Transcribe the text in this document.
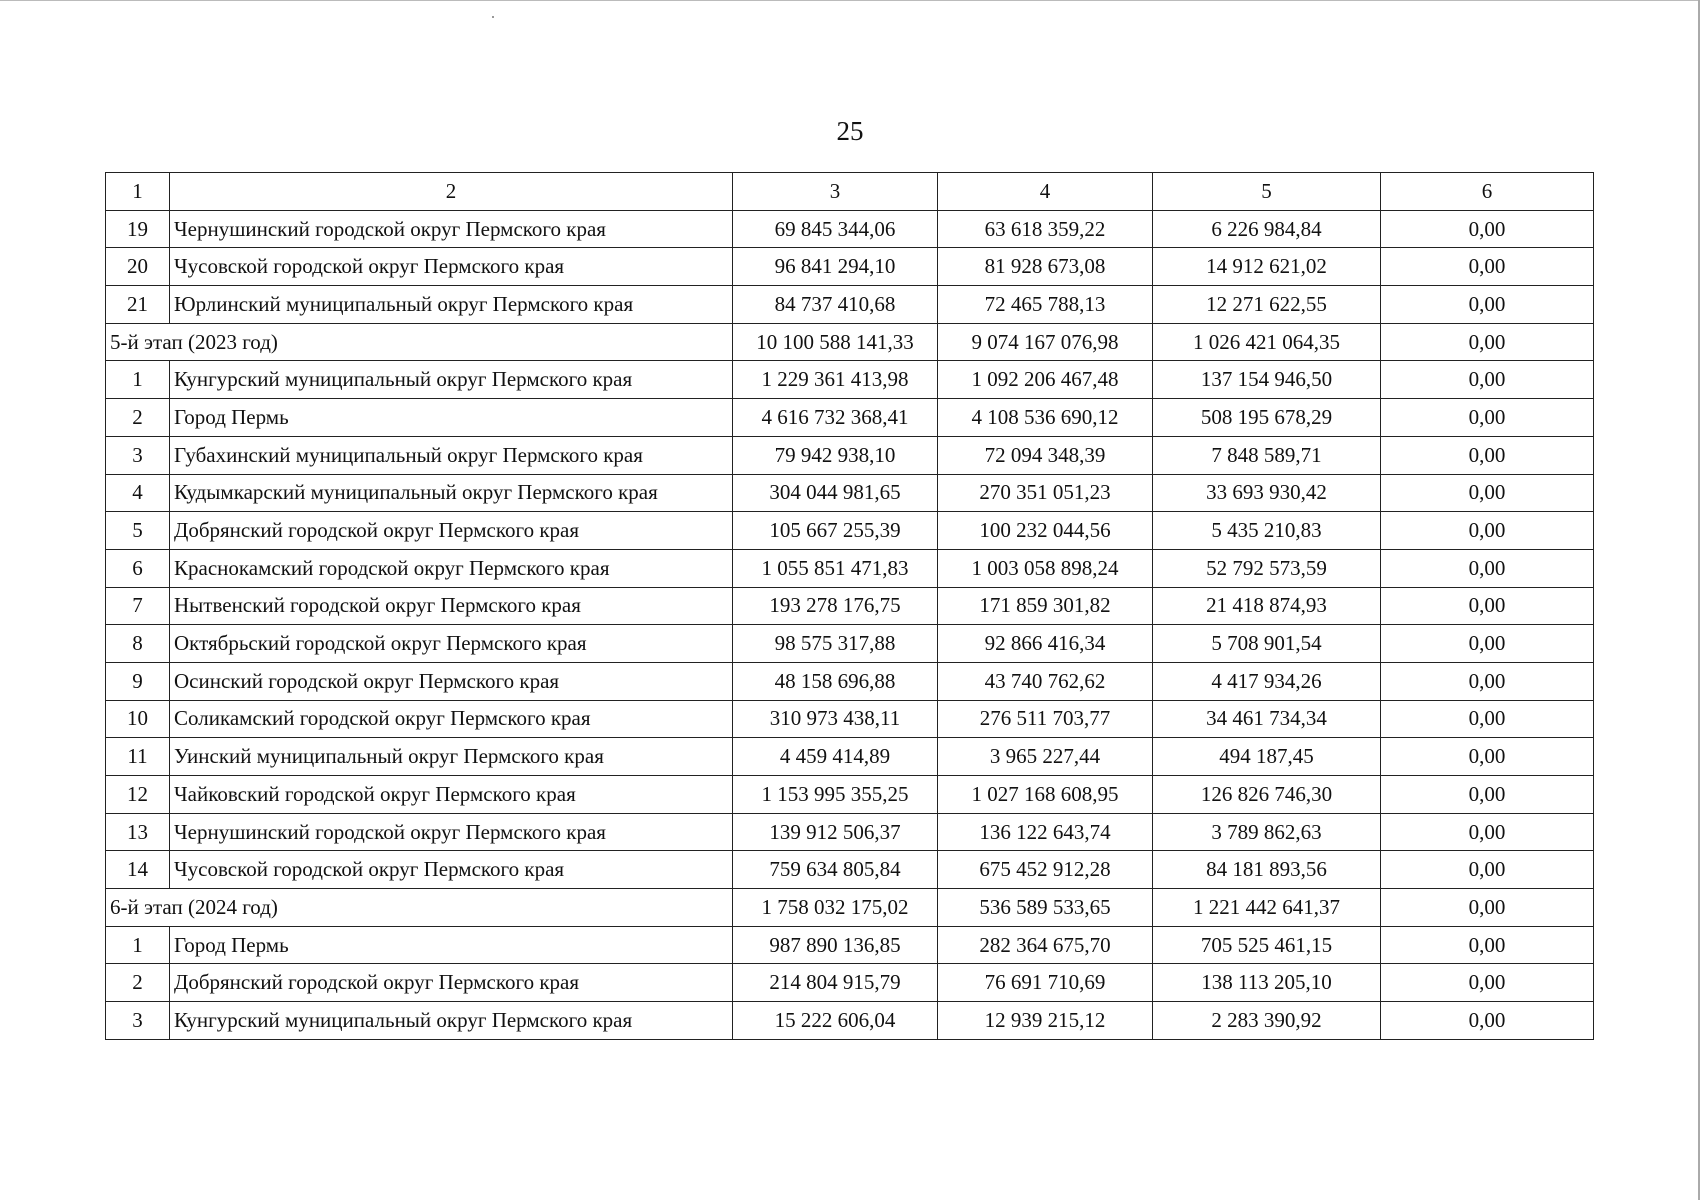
25
1	2	3	4	5	6
19	Чернушинский городской округ Пермского края	69 845 344,06	63 618 359,22	6 226 984,84	0,00
20	Чусовской городской округ Пермского края	96 841 294,10	81 928 673,08	14 912 621,02	0,00
21	Юрлинский муниципальный округ Пермского края	84 737 410,68	72 465 788,13	12 271 622,55	0,00
5-й этап (2023 год)		10 100 588 141,33	9 074 167 076,98	1 026 421 064,35	0,00
1	Кунгурский муниципальный округ Пермского края	1 229 361 413,98	1 092 206 467,48	137 154 946,50	0,00
2	Город Пермь	4 616 732 368,41	4 108 536 690,12	508 195 678,29	0,00
3	Губахинский муниципальный округ Пермского края	79 942 938,10	72 094 348,39	7 848 589,71	0,00
4	Кудымкарский муниципальный округ Пермского края	304 044 981,65	270 351 051,23	33 693 930,42	0,00
5	Добрянский городской округ Пермского края	105 667 255,39	100 232 044,56	5 435 210,83	0,00
6	Краснокамский городской округ Пермского края	1 055 851 471,83	1 003 058 898,24	52 792 573,59	0,00
7	Нытвенский городской округ Пермского края	193 278 176,75	171 859 301,82	21 418 874,93	0,00
8	Октябрьский городской округ Пермского края	98 575 317,88	92 866 416,34	5 708 901,54	0,00
9	Осинский городской округ Пермского края	48 158 696,88	43 740 762,62	4 417 934,26	0,00
10	Соликамский городской округ Пермского края	310 973 438,11	276 511 703,77	34 461 734,34	0,00
11	Уинский муниципальный округ Пермского края	4 459 414,89	3 965 227,44	494 187,45	0,00
12	Чайковский городской округ Пермского края	1 153 995 355,25	1 027 168 608,95	126 826 746,30	0,00
13	Чернушинский городской округ Пермского края	139 912 506,37	136 122 643,74	3 789 862,63	0,00
14	Чусовской городской округ Пермского края	759 634 805,84	675 452 912,28	84 181 893,56	0,00
6-й этап (2024 год)		1 758 032 175,02	536 589 533,65	1 221 442 641,37	0,00
1	Город Пермь	987 890 136,85	282 364 675,70	705 525 461,15	0,00
2	Добрянский городской округ Пермского края	214 804 915,79	76 691 710,69	138 113 205,10	0,00
3	Кунгурский муниципальный округ Пермского края	15 222 606,04	12 939 215,12	2 283 390,92	0,00
